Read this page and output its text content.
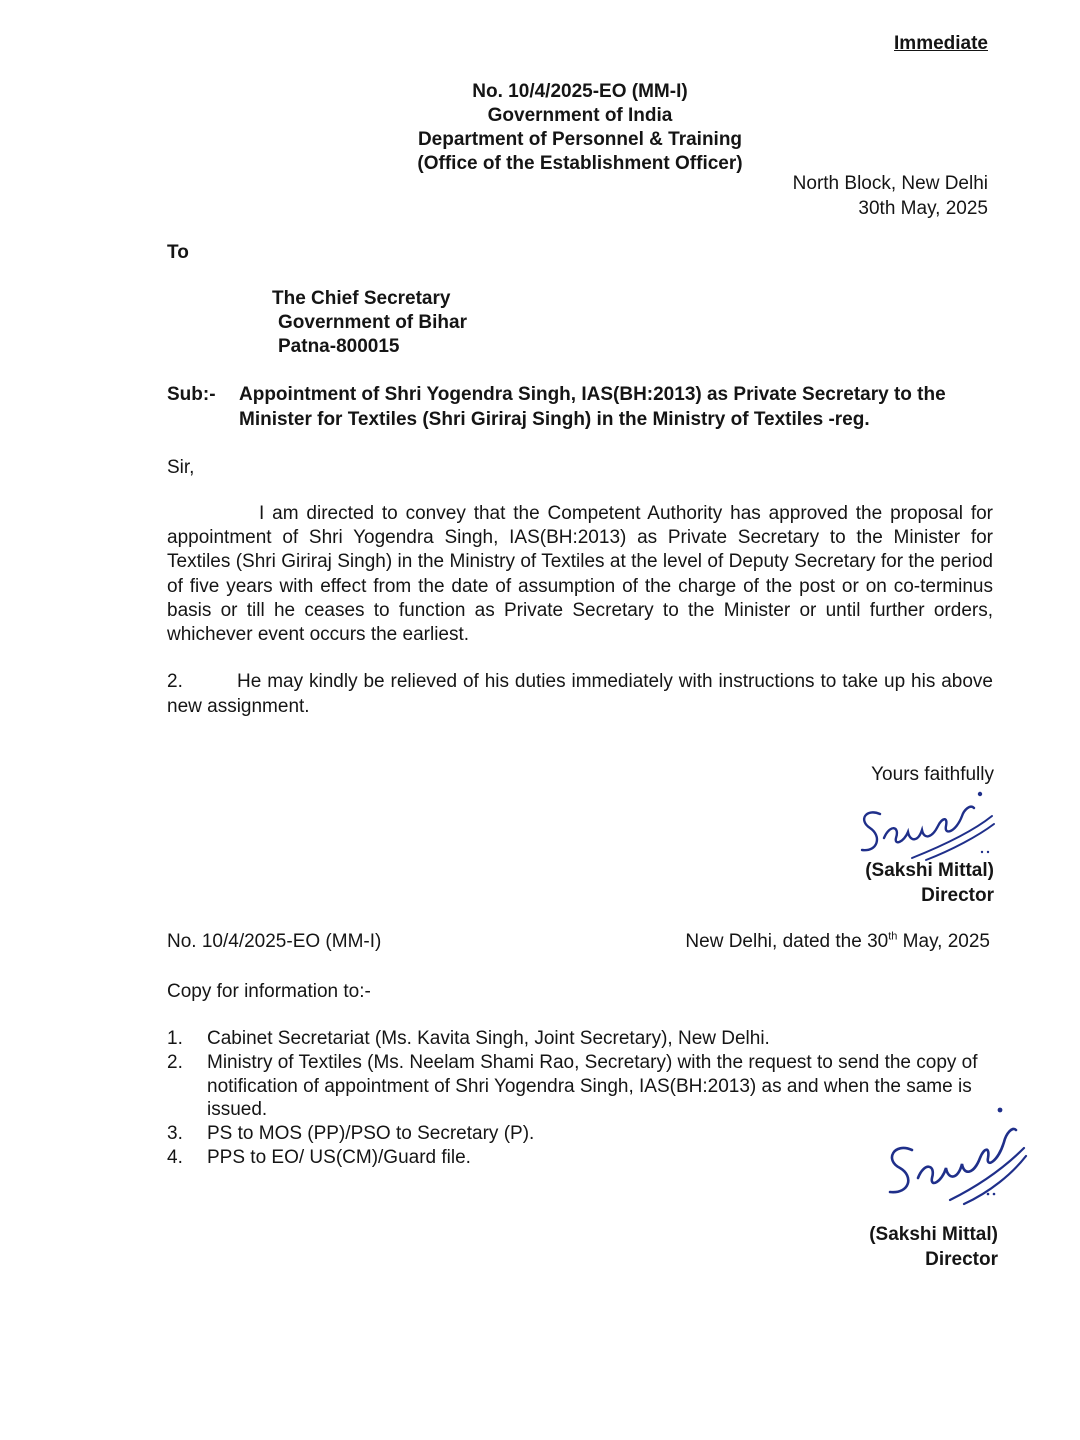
Immediate
No. 10/4/2025-EO (MM-I)
Government of India
Department of Personnel & Training
(Office of the Establishment Officer)
North Block, New Delhi
30th May, 2025
To
The Chief Secretary
Government of Bihar
Patna-800015
Sub:- Appointment of Shri Yogendra Singh, IAS(BH:2013) as Private Secretary to the Minister for Textiles (Shri Giriraj Singh) in the Ministry of Textiles -reg.
Sir,
I am directed to convey that the Competent Authority has approved the proposal for appointment of Shri Yogendra Singh, IAS(BH:2013) as Private Secretary to the Minister for Textiles (Shri Giriraj Singh) in the Ministry of Textiles at the level of Deputy Secretary for the period of five years with effect from the date of assumption of the charge of the post or on co-terminus basis or till he ceases to function as Private Secretary to the Minister or until further orders, whichever event occurs the earliest.
2.	He may kindly be relieved of his duties immediately with instructions to take up his above new assignment.
Yours faithfully
(Sakshi Mittal)
Director
No. 10/4/2025-EO (MM-I)	New Delhi, dated the 30th May, 2025
Copy for information to:-
1.	Cabinet Secretariat (Ms. Kavita Singh, Joint Secretary), New Delhi.
2.	Ministry of Textiles (Ms. Neelam Shami Rao, Secretary) with the request to send the copy of notification of appointment of Shri Yogendra Singh, IAS(BH:2013) as and when the same is issued.
3.	PS to MOS (PP)/PSO to Secretary (P).
4.	PPS to EO/ US(CM)/Guard file.
(Sakshi Mittal)
Director
